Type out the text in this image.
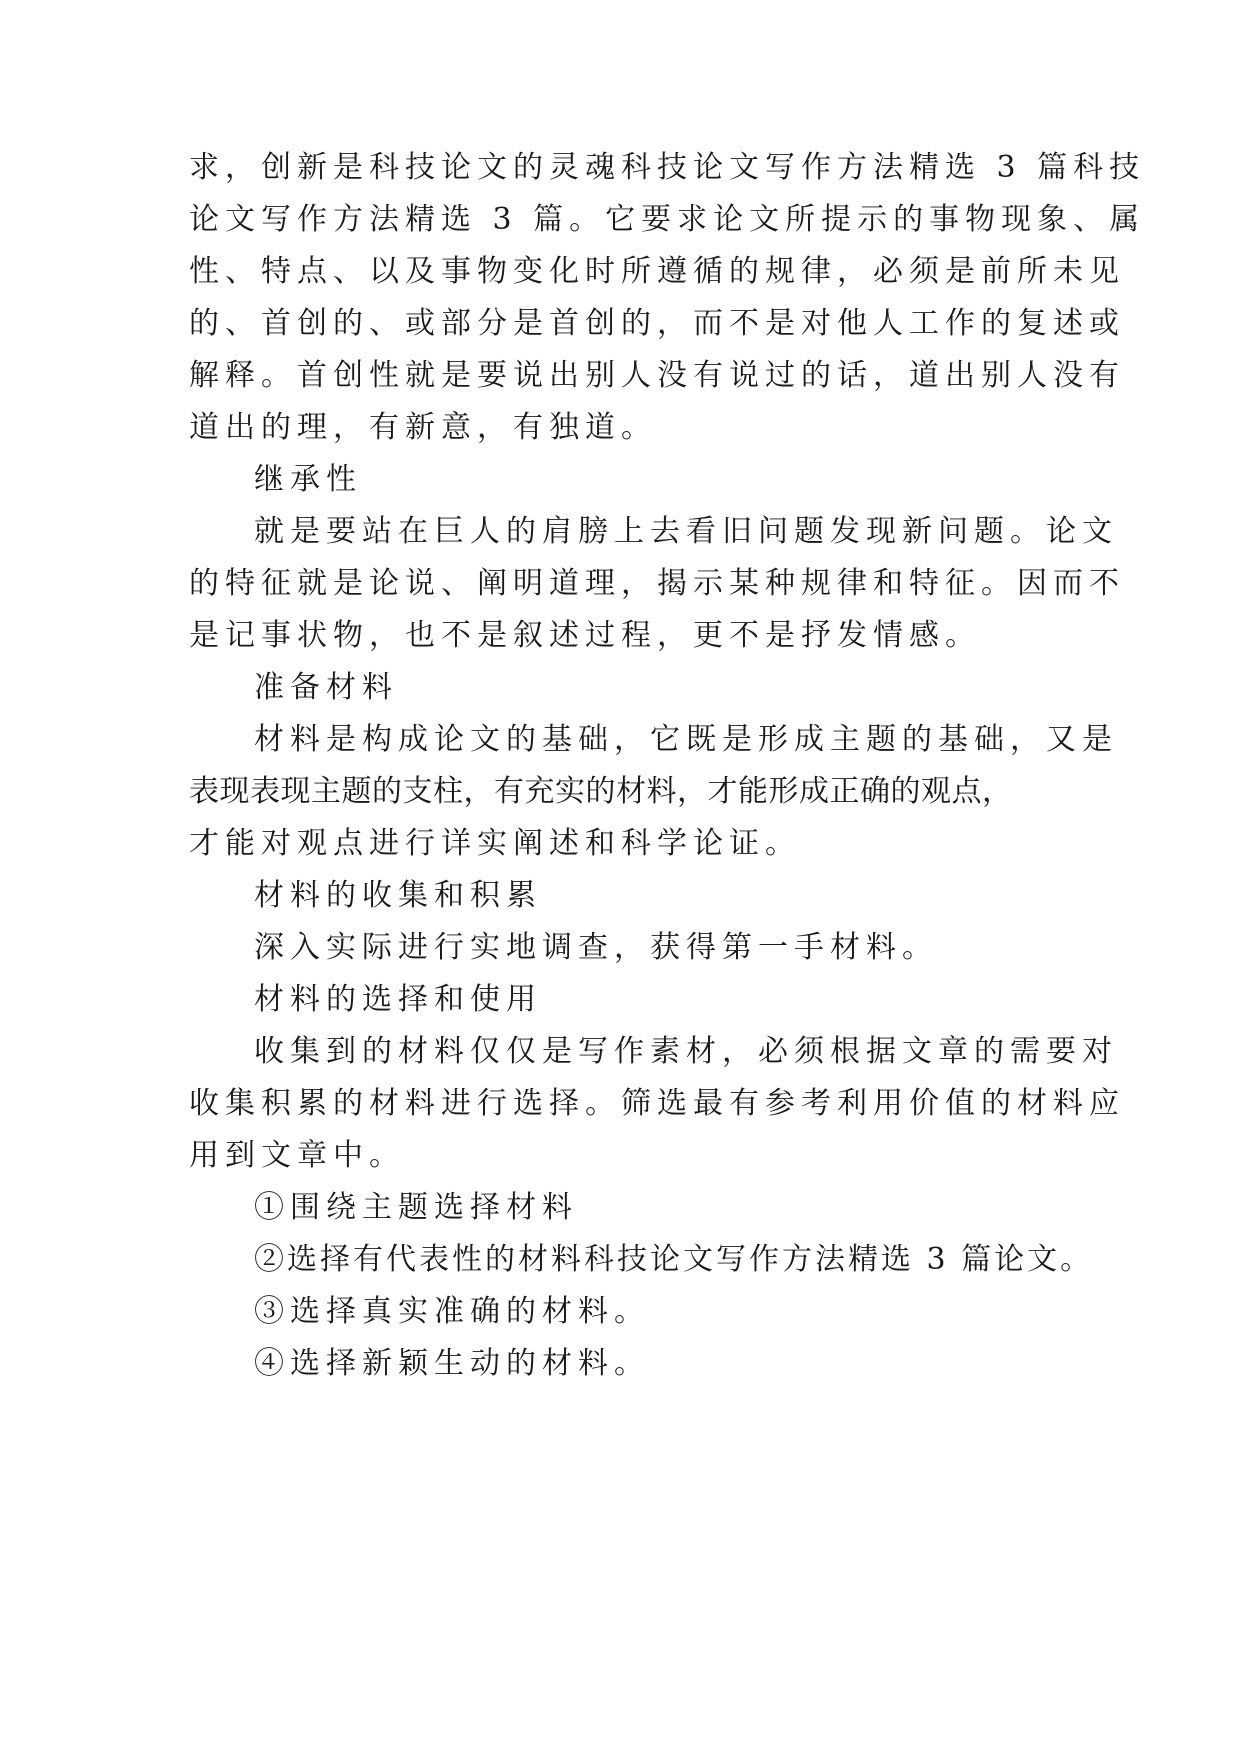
求，创新是科技论文的灵魂科技论文写作方法精选 3 篇科技
论文写作方法精选 3 篇。它要求论文所提示的事物现象、属
性、特点、以及事物变化时所遵循的规律，必须是前所未见
的、首创的、或部分是首创的，而不是对他人工作的复述或
解释。首创性就是要说出别人没有说过的话，道出别人没有
道出的理，有新意，有独道。
继承性
就是要站在巨人的肩膀上去看旧问题发现新问题。论文
的特征就是论说、阐明道理，揭示某种规律和特征。因而不
是记事状物，也不是叙述过程，更不是抒发情感。
准备材料
材料是构成论文的基础，它既是形成主题的基础，又是
表现表现主题的支柱，有充实的材料，才能形成正确的观点，
才能对观点进行详实阐述和科学论证。
材料的收集和积累
深入实际进行实地调查，获得第一手材料。
材料的选择和使用
收集到的材料仅仅是写作素材，必须根据文章的需要对
收集积累的材料进行选择。筛选最有参考利用价值的材料应
用到文章中。
①围绕主题选择材料
②选择有代表性的材料科技论文写作方法精选 3 篇论文。
③选择真实准确的材料。
④选择新颖生动的材料。
